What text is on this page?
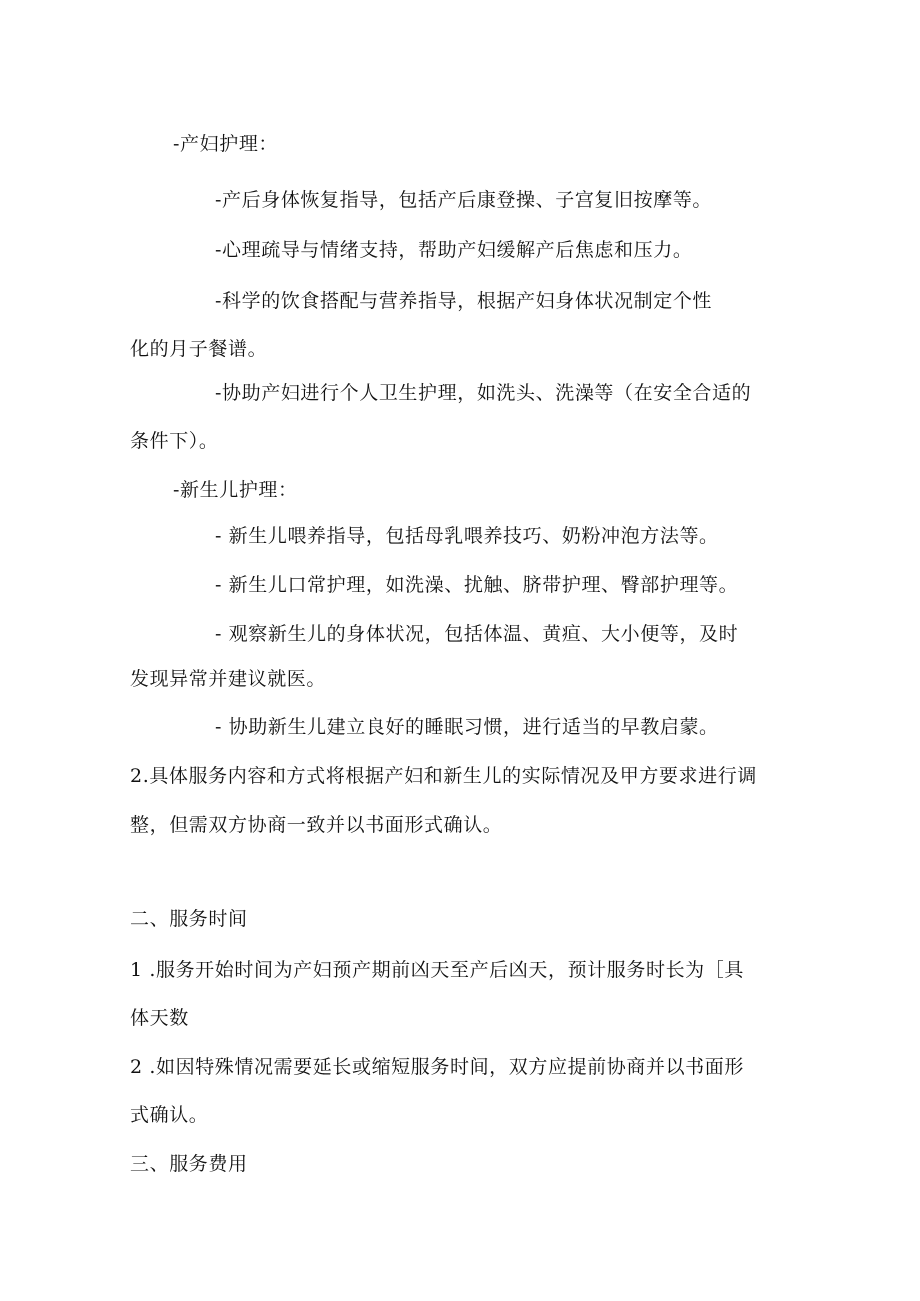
-产妇护理：
-产后身体恢复指导，包括产后康登操、子宫复旧按摩等。
-心理疏导与情绪支持，帮助产妇缓解产后焦虑和压力。
-科学的饮食搭配与营养指导，根据产妇身体状况制定个性
化的月子餐谱。
-协助产妇进行个人卫生护理，如洗头、洗澡等（在安全合适的
条件下）。
-新生儿护理：
- 新生儿喂养指导，包括母乳喂养技巧、奶粉冲泡方法等。
- 新生儿口常护理，如洗澡、扰触、脐带护理、臀部护理等。
- 观察新生儿的身体状况，包括体温、黄疸、大小便等，及时
发现异常并建议就医。
- 协助新生儿建立良好的睡眠习惯，进行适当的早教启蒙。
2.具体服务内容和方式将根据产妇和新生儿的实际情况及甲方要求进行调
整，但需双方协商一致并以书面形式确认。
二、服务时间
1 .服务开始时间为产妇预产期前凶天至产后凶天，预计服务时长为［具
体天数
2 .如因特殊情况需要延长或缩短服务时间，双方应提前协商并以书面形
式确认。
三、服务费用
